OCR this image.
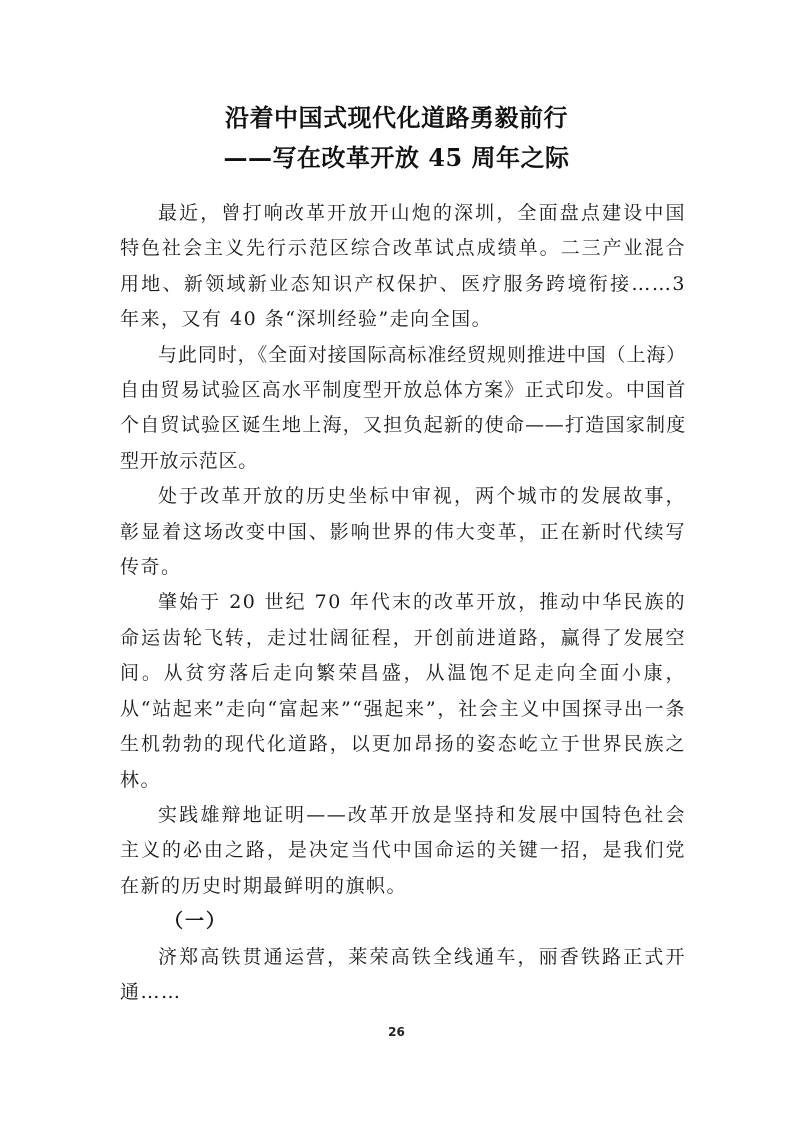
沿着中国式现代化道路勇毅前行
——写在改革开放 45 周年之际

最近，曾打响改革开放开山炮的深圳，全面盘点建设中国特色社会主义先行示范区综合改革试点成绩单。二三产业混合用地、新领域新业态知识产权保护、医疗服务跨境衔接……3年来，又有 40 条“深圳经验”走向全国。

与此同时，《全面对接国际高标准经贸规则推进中国（上海）自由贸易试验区高水平制度型开放总体方案》正式印发。中国首个自贸试验区诞生地上海，又担负起新的使命——打造国家制度型开放示范区。

处于改革开放的历史坐标中审视，两个城市的发展故事，彰显着这场改变中国、影响世界的伟大变革，正在新时代续写传奇。

肇始于 20 世纪 70 年代末的改革开放，推动中华民族的命运齿轮飞转，走过壮阔征程，开创前进道路，赢得了发展空间。从贫穷落后走向繁荣昌盛，从温饱不足走向全面小康，从“站起来”走向“富起来”“强起来”，社会主义中国探寻出一条生机勃勃的现代化道路，以更加昂扬的姿态屹立于世界民族之林。

实践雄辩地证明——改革开放是坚持和发展中国特色社会主义的必由之路，是决定当代中国命运的关键一招，是我们党在新的历史时期最鲜明的旗帜。

（一）

济郑高铁贯通运营，莱荣高铁全线通车，丽香铁路正式开通……

26
